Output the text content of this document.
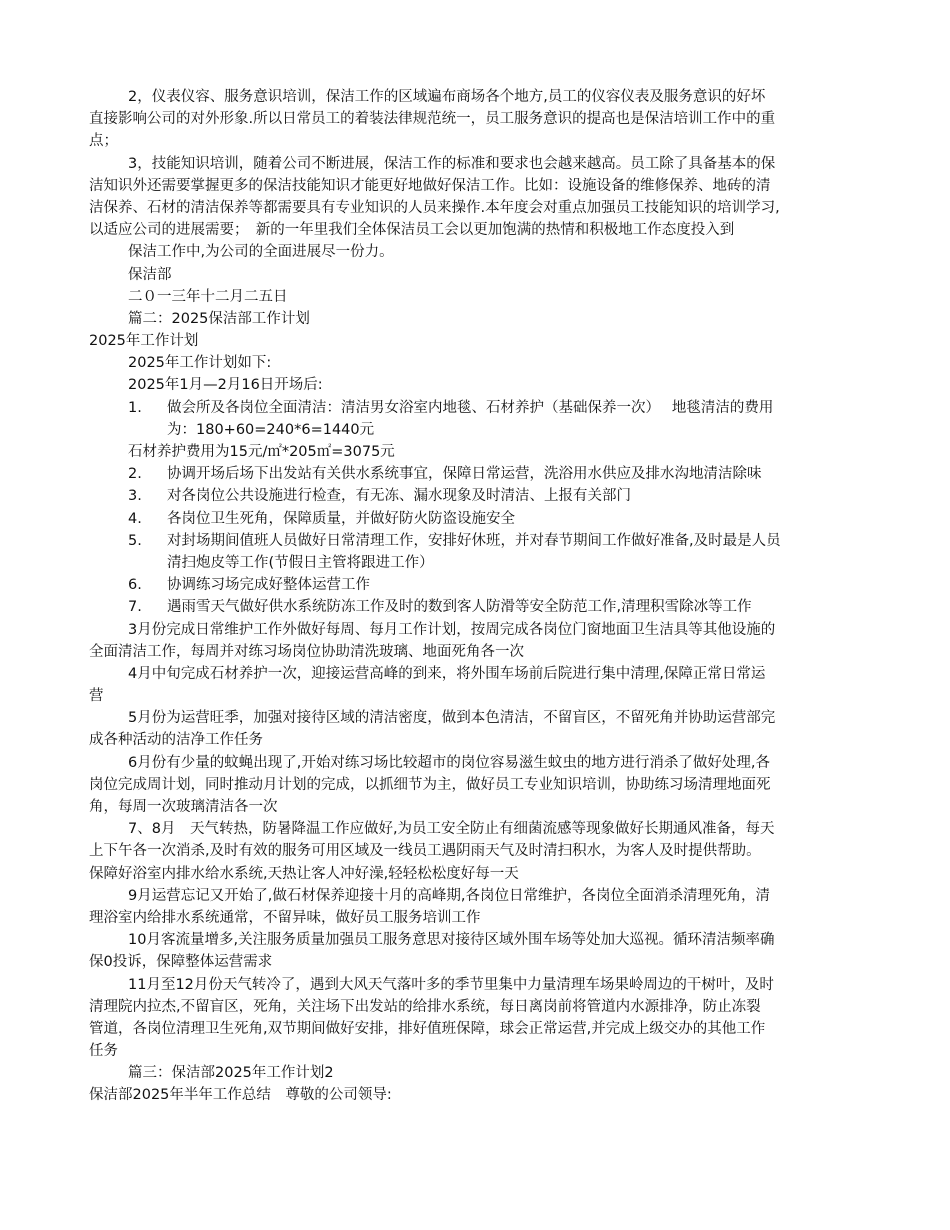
2，仪表仪容、服务意识培训，保洁工作的区域遍布商场各个地方,员工的仪容仪表及服务意识的好坏
直接影响公司的对外形象.所以日常员工的着装法律规范统一，员工服务意识的提高也是保洁培训工作中的重
点；
3，技能知识培训，随着公司不断进展，保洁工作的标准和要求也会越来越高。员工除了具备基本的保
洁知识外还需要掌握更多的保洁技能知识才能更好地做好保洁工作。比如：设施设备的维修保养、地砖的清
洁保养、石材的清洁保养等都需要具有专业知识的人员来操作.本年度会对重点加强员工技能知识的培训学习,
以适应公司的进展需要；　新的一年里我们全体保洁员工会以更加饱满的热情和积极地工作态度投入到
保洁工作中,为公司的全面进展尽一份力。
保洁部
二０一三年十二月二五日
篇二：2025保洁部工作计划
2025年工作计划
2025年工作计划如下:
2025年1月—2月16日开场后:
1. 做会所及各岗位全面清洁：清洁男女浴室内地毯、石材养护（基础保养一次）　 地毯清洁的费用
为：180+60=240*6=1440元
石材养护费用为15元/㎡*205㎡=3075元
2. 协调开场后场下出发站有关供水系统事宜，保障日常运营，洗浴用水供应及排水沟地清洁除味
3. 对各岗位公共设施进行检查，有无冻、漏水现象及时清洁、上报有关部门
4. 各岗位卫生死角，保障质量，并做好防火防盗设施安全
5. 对封场期间值班人员做好日常清理工作，安排好休班，并对春节期间工作做好准备,及时最是人员
清扫炮皮等工作(节假日主管将跟进工作）
6. 协调练习场完成好整体运营工作
7. 遇雨雪天气做好供水系统防冻工作及时的数到客人防滑等安全防范工作,清理积雪除冰等工作
3月份完成日常维护工作外做好每周、每月工作计划，按周完成各岗位门窗地面卫生洁具等其他设施的
全面清洁工作，每周并对练习场岗位协助清洗玻璃、地面死角各一次
4月中旬完成石材养护一次，迎接运营高峰的到来，将外围车场前后院进行集中清理,保障正常日常运
营
5月份为运营旺季，加强对接待区域的清洁密度，做到本色清洁，不留盲区，不留死角并协助运营部完
成各种活动的洁净工作任务
6月份有少量的蚊蝇出现了,开始对练习场比较超市的岗位容易滋生蚊虫的地方进行消杀了做好处理,各
岗位完成周计划，同时推动月计划的完成，以抓细节为主，做好员工专业知识培训，协助练习场清理地面死
角，每周一次玻璃清洁各一次
7、8月　天气转热，防暑降温工作应做好,为员工安全防止有细菌流感等现象做好长期通风准备，每天
上下午各一次消杀,及时有效的服务可用区域及一线员工遇阴雨天气及时清扫积水，为客人及时提供帮助。
保障好浴室内排水给水系统,天热让客人冲好澡,轻轻松松度好每一天
9月运营忘记又开始了,做石材保养迎接十月的高峰期,各岗位日常维护，各岗位全面消杀清理死角，清
理浴室内给排水系统通常，不留异味，做好员工服务培训工作
10月客流量增多,关注服务质量加强员工服务意思对接待区域外围车场等处加大巡视。循环清洁频率确
保0投诉，保障整体运营需求
11月至12月份天气转冷了，遇到大风天气落叶多的季节里集中力量清理车场果岭周边的干树叶，及时
清理院内拉杰,不留盲区，死角，关注场下出发站的给排水系统，每日离岗前将管道内水源排净，防止冻裂
管道，各岗位清理卫生死角,双节期间做好安排，排好值班保障，球会正常运营,并完成上级交办的其他工作
任务
篇三：保洁部2025年工作计划2
保洁部2025年半年工作总结　尊敬的公司领导:
